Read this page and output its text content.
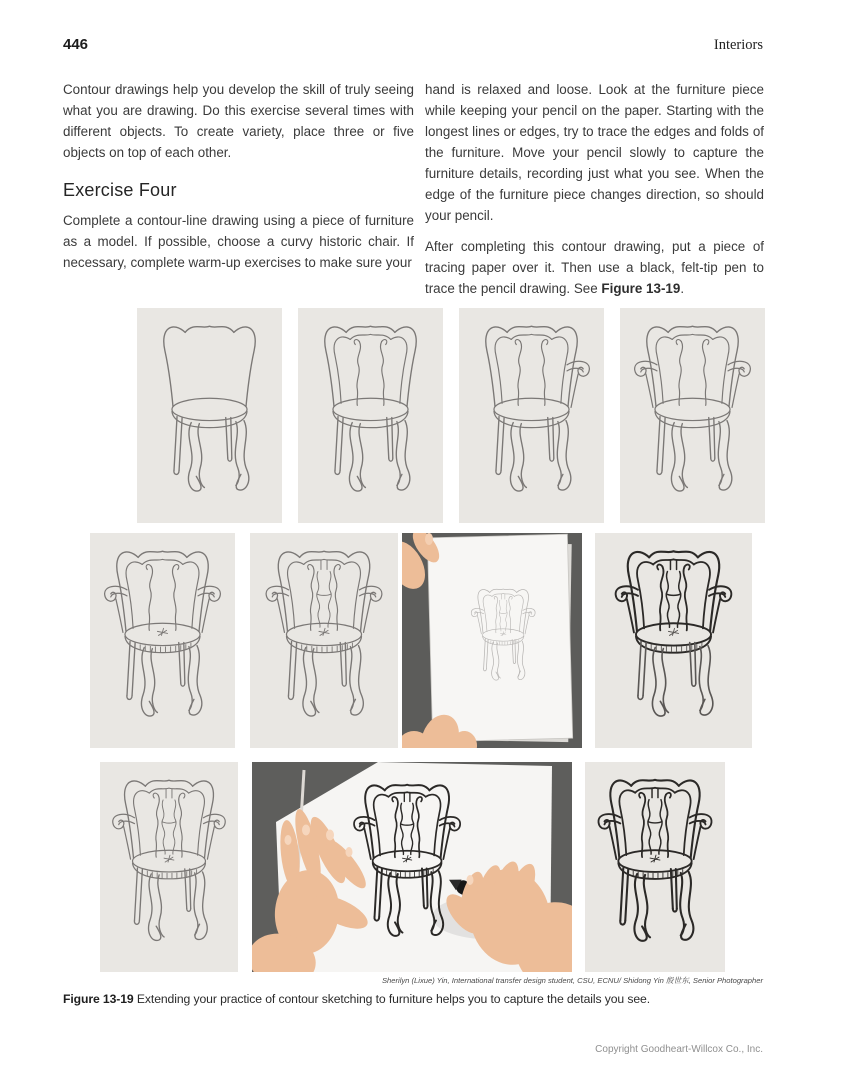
446	Interiors

Contour drawings help you develop the skill of truly seeing what you are drawing. Do this exercise several times with different objects. To create variety, place three or five objects on top of each other.

Exercise Four

Complete a contour-line drawing using a piece of furniture as a model. If possible, choose a curvy historic chair. If necessary, complete warm-up exercises to make sure your

hand is relaxed and loose. Look at the furniture piece while keeping your pencil on the paper. Starting with the longest lines or edges, try to trace the edges and folds of the furniture. Move your pencil slowly to capture the furniture details, recording just what you see. When the edge of the furniture piece changes direction, so should your pencil.

After completing this contour drawing, put a piece of tracing paper over it. Then use a black, felt-tip pen to trace the pencil drawing. See Figure 13-19.

Sherilyn (Lixue) Yin, International transfer design student, CSU, ECNU/ Shidong Yin 殷世东, Senior Photographer
Figure 13-19 Extending your practice of contour sketching to furniture helps you to capture the details you see.
Copyright Goodheart-Willcox Co., Inc.
